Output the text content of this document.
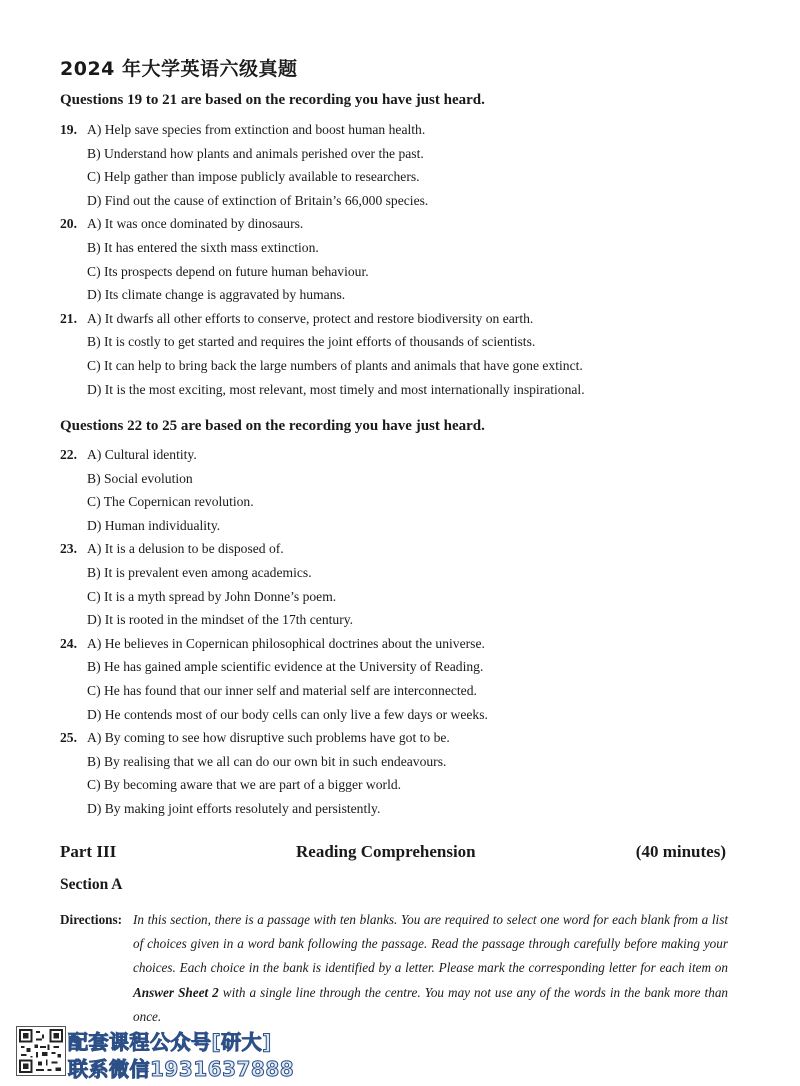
2024 年大学英语六级真题
Questions 19 to 21 are based on the recording you have just heard.
19. A) Help save species from extinction and boost human health.
B) Understand how plants and animals perished over the past.
C) Help gather than impose publicly available to researchers.
D) Find out the cause of extinction of Britain’s 66,000 species.
20. A) It was once dominated by dinosaurs.
B) It has entered the sixth mass extinction.
C) Its prospects depend on future human behaviour.
D) Its climate change is aggravated by humans.
21. A) It dwarfs all other efforts to conserve, protect and restore biodiversity on earth.
B) It is costly to get started and requires the joint efforts of thousands of scientists.
C) It can help to bring back the large numbers of plants and animals that have gone extinct.
D) It is the most exciting, most relevant, most timely and most internationally inspirational.
Questions 22 to 25 are based on the recording you have just heard.
22. A) Cultural identity.
B) Social evolution
C) The Copernican revolution.
D) Human individuality.
23. A) It is a delusion to be disposed of.
B) It is prevalent even among academics.
C) It is a myth spread by John Donne’s poem.
D) It is rooted in the mindset of the 17th century.
24. A) He believes in Copernican philosophical doctrines about the universe.
B) He has gained ample scientific evidence at the University of Reading.
C) He has found that our inner self and material self are interconnected.
D) He contends most of our body cells can only live a few days or weeks.
25. A) By coming to see how disruptive such problems have got to be.
B) By realising that we all can do our own bit in such endeavours.
C) By becoming aware that we are part of a bigger world.
D) By making joint efforts resolutely and persistently.
Part III	Reading Comprehension	(40 minutes)
Section A
Directions: In this section, there is a passage with ten blanks. You are required to select one word for each blank from a list of choices given in a word bank following the passage. Read the passage through carefully before making your choices. Each choice in the bank is identified by a letter. Please mark the corresponding letter for each item on Answer Sheet 2 with a single line through the centre. You may not use any of the words in the bank more than once.
配套课程公众号[研大]
联系微信1931637888
